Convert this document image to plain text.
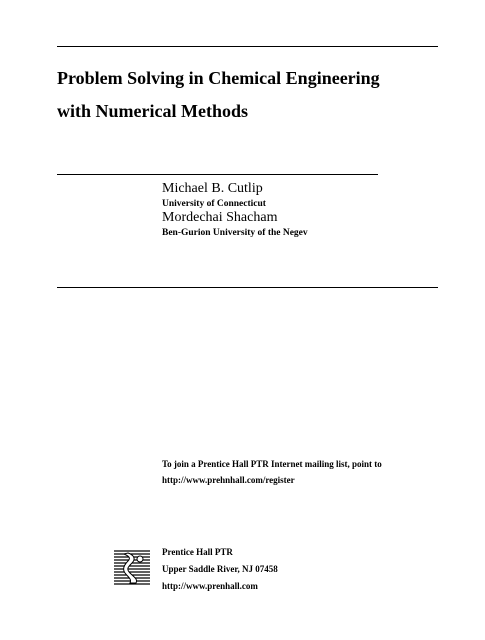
Problem Solving in Chemical Engineering
with Numerical Methods
Michael B. Cutlip
University of Connecticut
Mordechai Shacham
Ben-Gurion University of the Negev
To join a Prentice Hall PTR Internet mailing list, point to
http://www.prehnhall.com/register
Prentice Hall PTR
Upper Saddle River, NJ 07458
http://www.prenhall.com
